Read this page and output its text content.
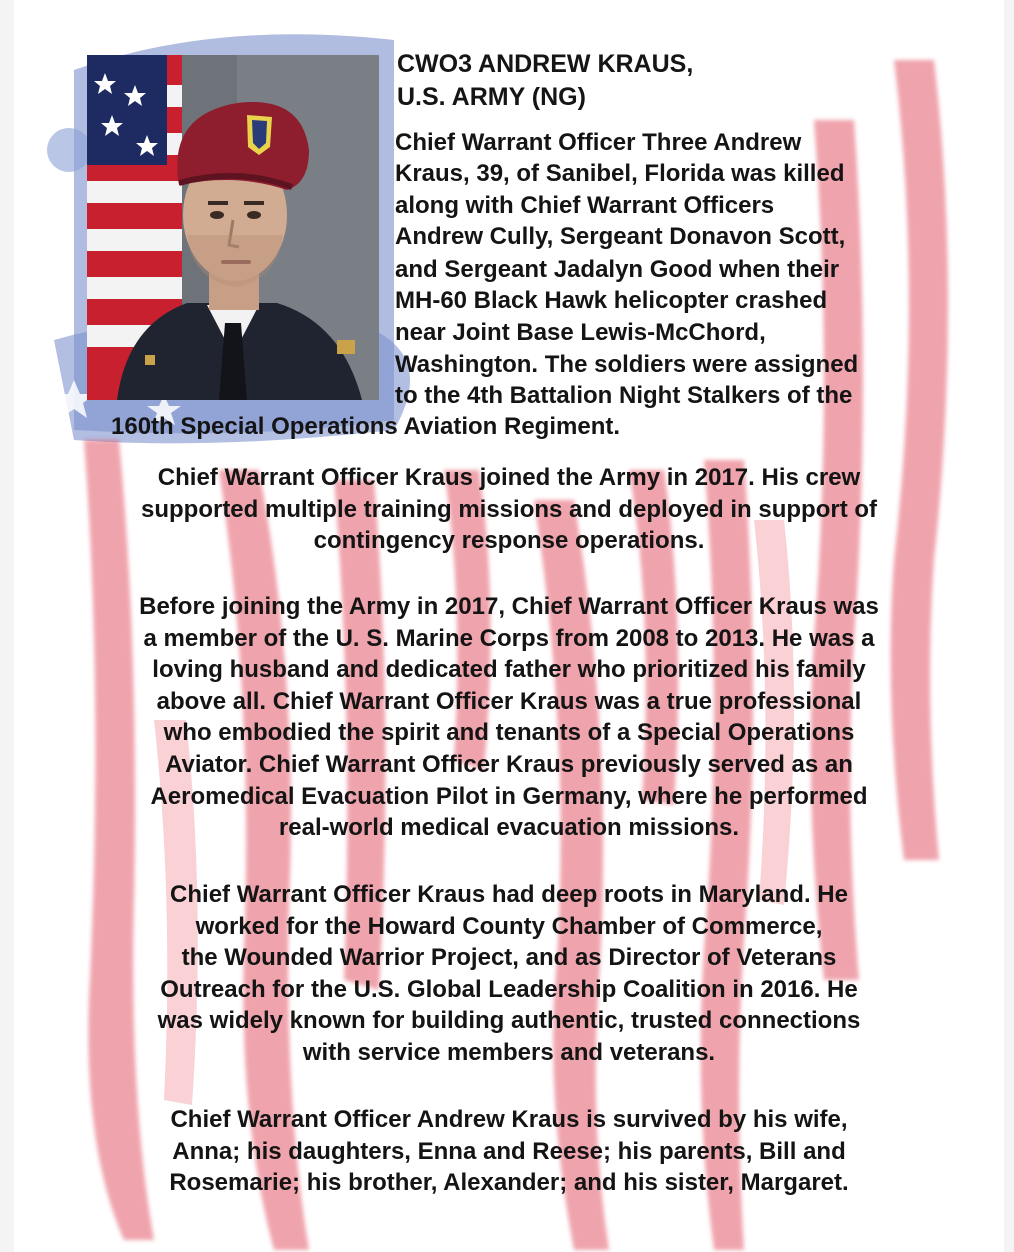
CWO3 ANDREW KRAUS,
U.S. ARMY (NG)
Chief Warrant Officer Three Andrew
Kraus, 39, of Sanibel, Florida was killed
along with Chief Warrant Officers
Andrew Cully, Sergeant Donavon Scott,
and Sergeant Jadalyn Good when their
MH-60 Black Hawk helicopter crashed
near Joint Base Lewis-McChord,
Washington. The soldiers were assigned
to the 4th Battalion Night Stalkers of the
160th Special Operations Aviation Regiment.
Chief Warrant Officer Kraus joined the Army in 2017. His crew
supported multiple training missions and deployed in support of
contingency response operations.
Before joining the Army in 2017, Chief Warrant Officer Kraus was
a member of the U. S. Marine Corps from 2008 to 2013. He was a
loving husband and dedicated father who prioritized his family
above all. Chief Warrant Officer Kraus was a true professional
who embodied the spirit and tenants of a Special Operations
Aviator. Chief Warrant Officer Kraus previously served as an
Aeromedical Evacuation Pilot in Germany, where he performed
real-world medical evacuation missions.
Chief Warrant Officer Kraus had deep roots in Maryland. He
worked for the Howard County Chamber of Commerce,
the Wounded Warrior Project, and as Director of Veterans
Outreach for the U.S. Global Leadership Coalition in 2016. He
was widely known for building authentic, trusted connections
with service members and veterans.
Chief Warrant Officer Andrew Kraus is survived by his wife,
Anna; his daughters, Enna and Reese; his parents, Bill and
Rosemarie; his brother, Alexander; and his sister, Margaret.
